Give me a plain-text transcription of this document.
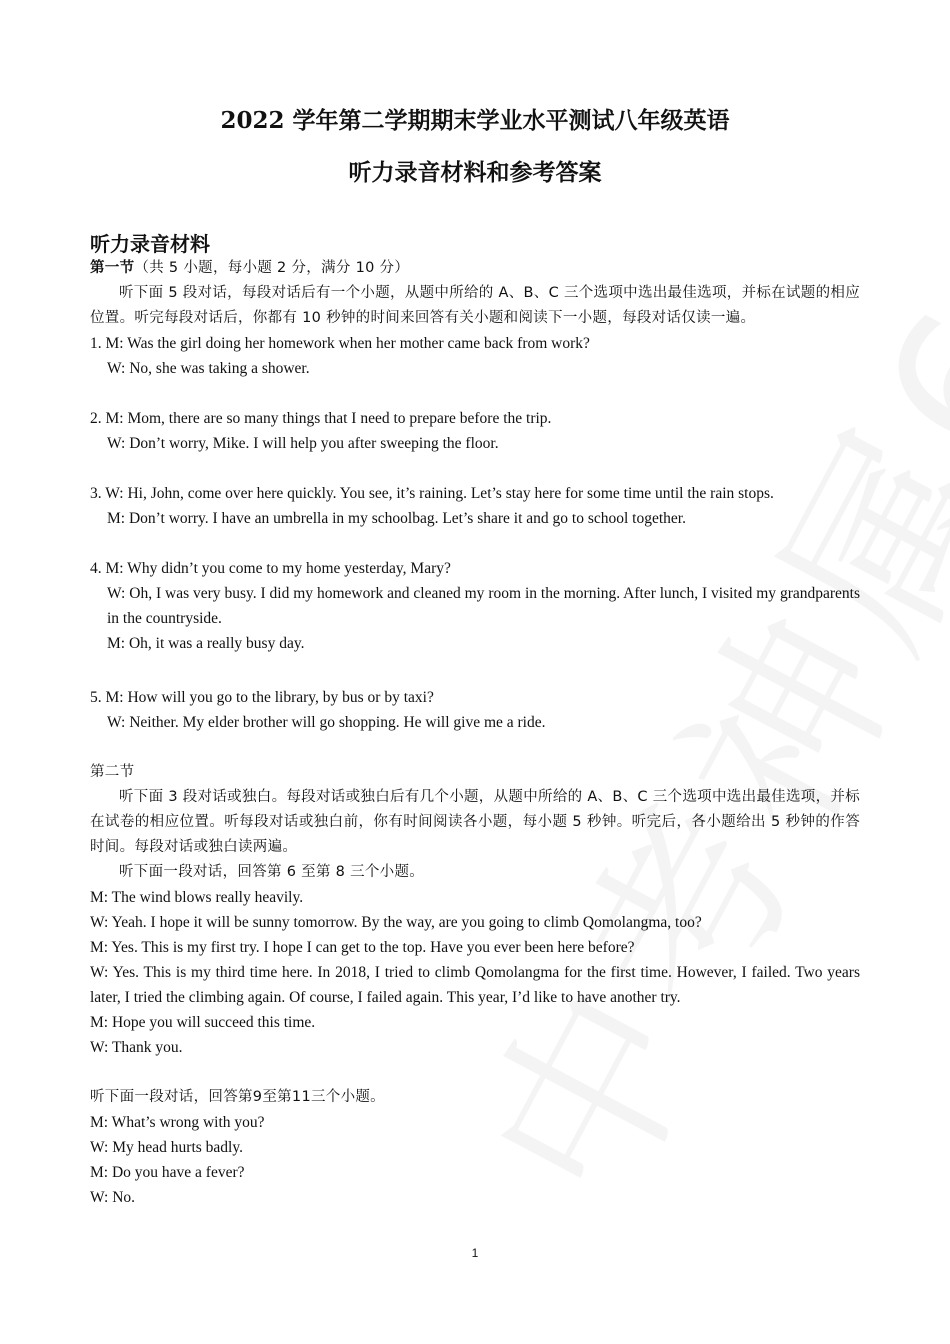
2022 学年第二学期期末学业水平测试八年级英语
听力录音材料和参考答案
听力录音材料

第一节（共 5 小题，每小题 2 分，满分 10 分）

听下面 5 段对话，每段对话后有一个小题，从题中所给的 A、B、C 三个选项中选出最佳选项，并标在试题的相应位置。听完每段对话后，你都有 10 秒钟的时间来回答有关小题和阅读下一小题，每段对话仅读一遍。

1. M: Was the girl doing her homework when her mother came back from work?

W: No, she was taking a shower.

2. M: Mom, there are so many things that I need to prepare before the trip.

W: Don’t worry, Mike. I will help you after sweeping the floor.

3. W: Hi, John, come over here quickly. You see, it’s raining. Let’s stay here for some time until the rain stops.

M: Don’t worry. I have an umbrella in my schoolbag. Let’s share it and go to school together.

4. M: Why didn’t you come to my home yesterday, Mary?

W: Oh, I was very busy. I did my homework and cleaned my room in the morning. After lunch, I visited my grandparents in the countryside.

M: Oh, it was a really busy day.

5. M: How will you go to the library, by bus or by taxi?

W: Neither. My elder brother will go shopping. He will give me a ride.

第二节

听下面 3 段对话或独白。每段对话或独白后有几个小题，从题中所给的 A、B、C 三个选项中选出最佳选项，并标在试卷的相应位置。听每段对话或独白前，你有时间阅读各小题，每小题 5 秒钟。听完后，各小题给出 5 秒钟的作答时间。每段对话或独白读两遍。

听下面一段对话，回答第 6 至第 8 三个小题。

M: The wind blows really heavily.

W: Yeah. I hope it will be sunny tomorrow. By the way, are you going to climb Qomolangma, too?

M: Yes. This is my first try. I hope I can get to the top. Have you ever been here before?

W: Yes. This is my third time here. In 2018, I tried to climb Qomolangma for the first time. However, I failed. Two years later, I tried the climbing again. Of course, I failed again. This year, I’d like to have another try.

M: Hope you will succeed this time.

W: Thank you.

听下面一段对话，回答第9至第11三个小题。

M: What’s wrong with you?

W: My head hurts badly.

M: Do you have a fever?

W: No.

1
